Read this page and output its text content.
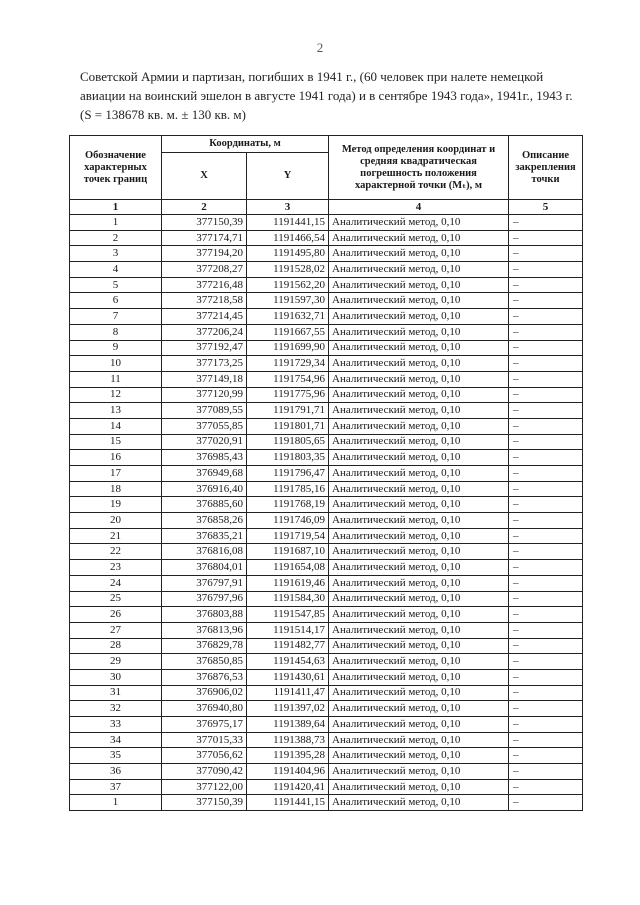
2
Советской Армии и партизан, погибших в 1941 г., (60 человек при налете немецкой авиации на воинский эшелон в августе 1941 года) и в сентябре 1943 года», 1941г., 1943 г. (S = 138678 кв. м. ± 130 кв. м)
Обозначение характерных точек границ	Координаты, м		Метод определения координат и средняя квадратическая погрешность положения характерной точки (Mₜ), м	Описание закрепления точки
	X	Y		
1	2	3	4	5
1	377150,39	1191441,15	Аналитический метод, 0,10	–
2	377174,71	1191466,54	Аналитический метод, 0,10	–
3	377194,20	1191495,80	Аналитический метод, 0,10	–
4	377208,27	1191528,02	Аналитический метод, 0,10	–
5	377216,48	1191562,20	Аналитический метод, 0,10	–
6	377218,58	1191597,30	Аналитический метод, 0,10	–
7	377214,45	1191632,71	Аналитический метод, 0,10	–
8	377206,24	1191667,55	Аналитический метод, 0,10	–
9	377192,47	1191699,90	Аналитический метод, 0,10	–
10	377173,25	1191729,34	Аналитический метод, 0,10	–
11	377149,18	1191754,96	Аналитический метод, 0,10	–
12	377120,99	1191775,96	Аналитический метод, 0,10	–
13	377089,55	1191791,71	Аналитический метод, 0,10	–
14	377055,85	1191801,71	Аналитический метод, 0,10	–
15	377020,91	1191805,65	Аналитический метод, 0,10	–
16	376985,43	1191803,35	Аналитический метод, 0,10	–
17	376949,68	1191796,47	Аналитический метод, 0,10	–
18	376916,40	1191785,16	Аналитический метод, 0,10	–
19	376885,60	1191768,19	Аналитический метод, 0,10	–
20	376858,26	1191746,09	Аналитический метод, 0,10	–
21	376835,21	1191719,54	Аналитический метод, 0,10	–
22	376816,08	1191687,10	Аналитический метод, 0,10	–
23	376804,01	1191654,08	Аналитический метод, 0,10	–
24	376797,91	1191619,46	Аналитический метод, 0,10	–
25	376797,96	1191584,30	Аналитический метод, 0,10	–
26	376803,88	1191547,85	Аналитический метод, 0,10	–
27	376813,96	1191514,17	Аналитический метод, 0,10	–
28	376829,78	1191482,77	Аналитический метод, 0,10	–
29	376850,85	1191454,63	Аналитический метод, 0,10	–
30	376876,53	1191430,61	Аналитический метод, 0,10	–
31	376906,02	1191411,47	Аналитический метод, 0,10	–
32	376940,80	1191397,02	Аналитический метод, 0,10	–
33	376975,17	1191389,64	Аналитический метод, 0,10	–
34	377015,33	1191388,73	Аналитический метод, 0,10	–
35	377056,62	1191395,28	Аналитический метод, 0,10	–
36	377090,42	1191404,96	Аналитический метод, 0,10	–
37	377122,00	1191420,41	Аналитический метод, 0,10	–
1	377150,39	1191441,15	Аналитический метод, 0,10	–
